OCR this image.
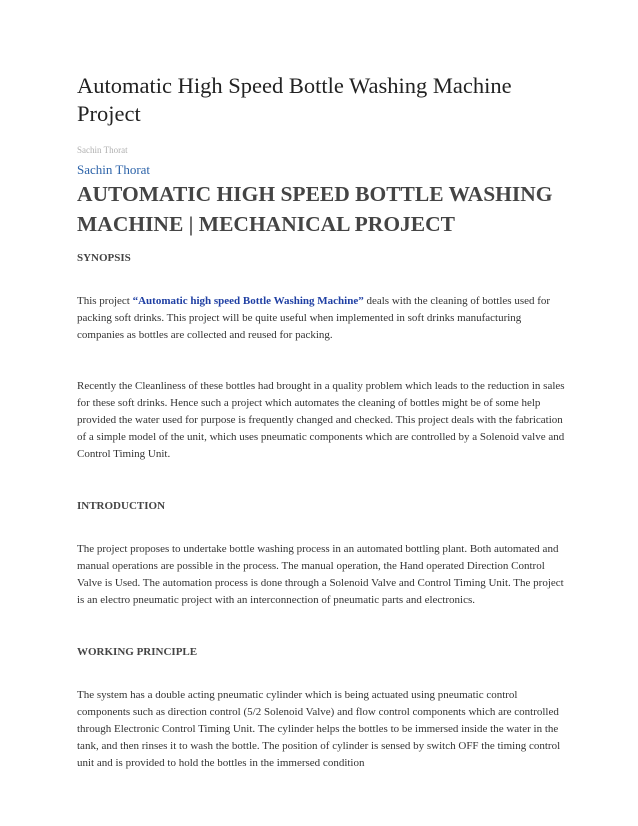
Automatic High Speed Bottle Washing Machine Project
Sachin Thorat
Sachin Thorat
AUTOMATIC HIGH SPEED BOTTLE WASHING MACHINE | MECHANICAL PROJECT
SYNOPSIS

This project “Automatic high speed Bottle Washing Machine” deals with the cleaning of bottles used for packing soft drinks. This project will be quite useful when implemented in soft drinks manufacturing companies as bottles are collected and reused for packing.

Recently the Cleanliness of these bottles had brought in a quality problem which leads to the reduction in sales for these soft drinks. Hence such a project which automates the cleaning of bottles might be of some help provided the water used for purpose is frequently changed and checked. This project deals with the fabrication of a simple model of the unit, which uses pneumatic components which are controlled by a Solenoid valve and Control Timing Unit.

INTRODUCTION

The project proposes to undertake bottle washing process in an automated bottling plant. Both automated and manual operations are possible in the process. The manual operation, the Hand operated Direction Control Valve is Used. The automation process is done through a Solenoid Valve and Control Timing Unit. The project is an electro pneumatic project with an interconnection of pneumatic parts and electronics.

WORKING PRINCIPLE

The system has a double acting pneumatic cylinder which is being actuated using pneumatic control components such as direction control (5/2 Solenoid Valve) and flow control components which are controlled through Electronic Control Timing Unit. The cylinder helps the bottles to be immersed inside the water in the tank, and then rinses it to wash the bottle. The position of cylinder is sensed by switch OFF the timing control unit and is provided to hold the bottles in the immersed condition
